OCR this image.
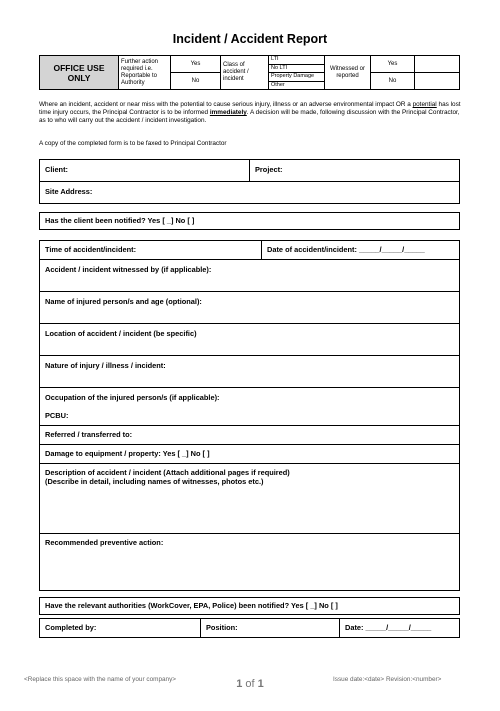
Incident / Accident Report
OFFICE USE ONLY	Further action required i.e. Reportable to Authority	Yes	Class of accident / incident	LTI	Witnessed or reported	Yes	
				No LTI			
		No		Property Damage		No	
				Other			
Where an incident, accident or near miss with the potential to cause serious injury, illness or an adverse environmental impact OR a potential has lost time injury occurs, the Principal Contractor is to be informed immediately. A decision will be made, following discussion with the Principal Contractor, as to who will carry out the accident / incident investigation.
A copy of the completed form is to be faxed to Principal Contractor
Client:	Project:
Site Address:
Has the client been notified? Yes [ _] No [ ]
Time of accident/incident:	Date of accident/incident: _____/_____/_____
Accident / incident witnessed by (if applicable):
Name of injured person/s and age (optional):
Location of accident / incident (be specific)
Nature of injury / illness / incident:
Occupation of the injured person/s (if applicable):
PCBU:
Referred / transferred to:
Damage to equipment / property: Yes [ _] No [ ]
Description of accident / incident (Attach additional pages if required)
(Describe in detail, including names of witnesses, photos etc.)
Recommended preventive action:
Have the relevant authorities (WorkCover, EPA, Police) been notified? Yes [ _] No [ ]
Completed by:	Position:	Date: _____/_____/_____
<Replace this space with the name of your company>	1 of 1	Issue date:<date> Revision:<number>
